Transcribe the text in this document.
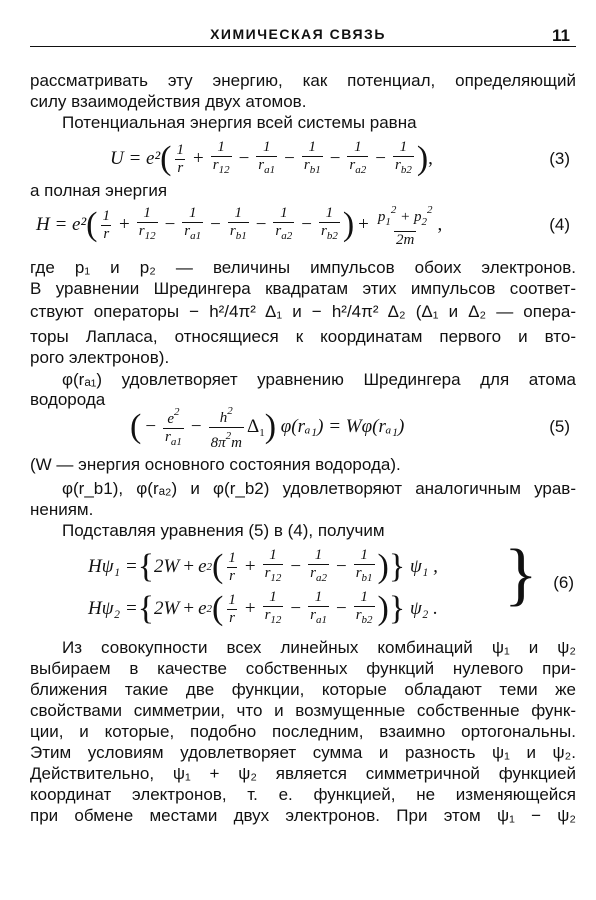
ХИМИЧЕСКАЯ СВЯЗЬ	11
рассматривать эту энергию, как потенциал, определяющий
силу взаимодействия двух атомов.
Потенциальная энергия всей системы равна
U = e² ( $\frac{1}{r} + \frac{1}{r_{12}} - \frac{1}{r_{a1}} - \frac{1}{r_{b1}} - \frac{1}{r_{a2}} - \frac{1}{r_{b2}}$ ) ,	(3)
а полная энергия
H = e² ( $\frac{1}{r} + \frac{1}{r_{12}} - \frac{1}{r_{a1}} - \frac{1}{r_{b1}} - \frac{1}{r_{a2}} - \frac{1}{r_{b2}}$ ) + $\frac{p_1^2 + p_2^2}{2m}$ ,	(4)
где p₁ и p₂ — величины импульсов обоих электронов.
В уравнении Шредингера квадратам этих импульсов соответ-
ствуют операторы − h²/4π² Δ₁ и − h²/4π² Δ₂ (Δ₁ и Δ₂ — опера-
торы Лапласа, относящиеся к координатам первого и вто-
рого электронов).
φ(rₐ₁) удовлетворяет уравнению Шредингера для атома
водорода
( − $\frac{e^2}{r_{a1}} - \frac{h^2}{8\pi^2m} \Delta_1$ )
φ(rₐ₁) = Wφ(rₐ₁)	(5)
(W — энергия основного состояния водорода).
φ(r_b1), φ(rₐ₂) и φ(r_b2) удовлетворяют аналогичным урав-
нениям.
Подставляя уравнения (5) в (4), получим
Hψ₁ = { 2W + e 2 ( $\frac{1}{r} + \frac{1}{r_{12}} - \frac{1}{r_{a2}} - \frac{1}{r_{b1}}$ ) }
ψ₁ ,
Hψ₂ = { 2W + e 2 ( $\frac{1}{r} + \frac{1}{r_{12}} - \frac{1}{r_{a1}} - \frac{1}{r_{b2}}$ ) }
ψ₂ . } (6)
Из совокупности всех линейных комбинаций ψ₁ и ψ₂
выбираем в качестве собственных функций нулевого при-
ближения такие две функции, которые обладают теми же
свойствами симметрии, что и возмущенные собственные функ-
ции, и которые, подобно последним, взаимно ортогональны.
Этим условиям удовлетворяет сумма и разность ψ₁ и ψ₂.
Действительно, ψ₁ + ψ₂ является симметричной функцией
координат электронов, т. е. функцией, не изменяющейся
при обмене местами двух электронов. При этом ψ₁ − ψ₂
